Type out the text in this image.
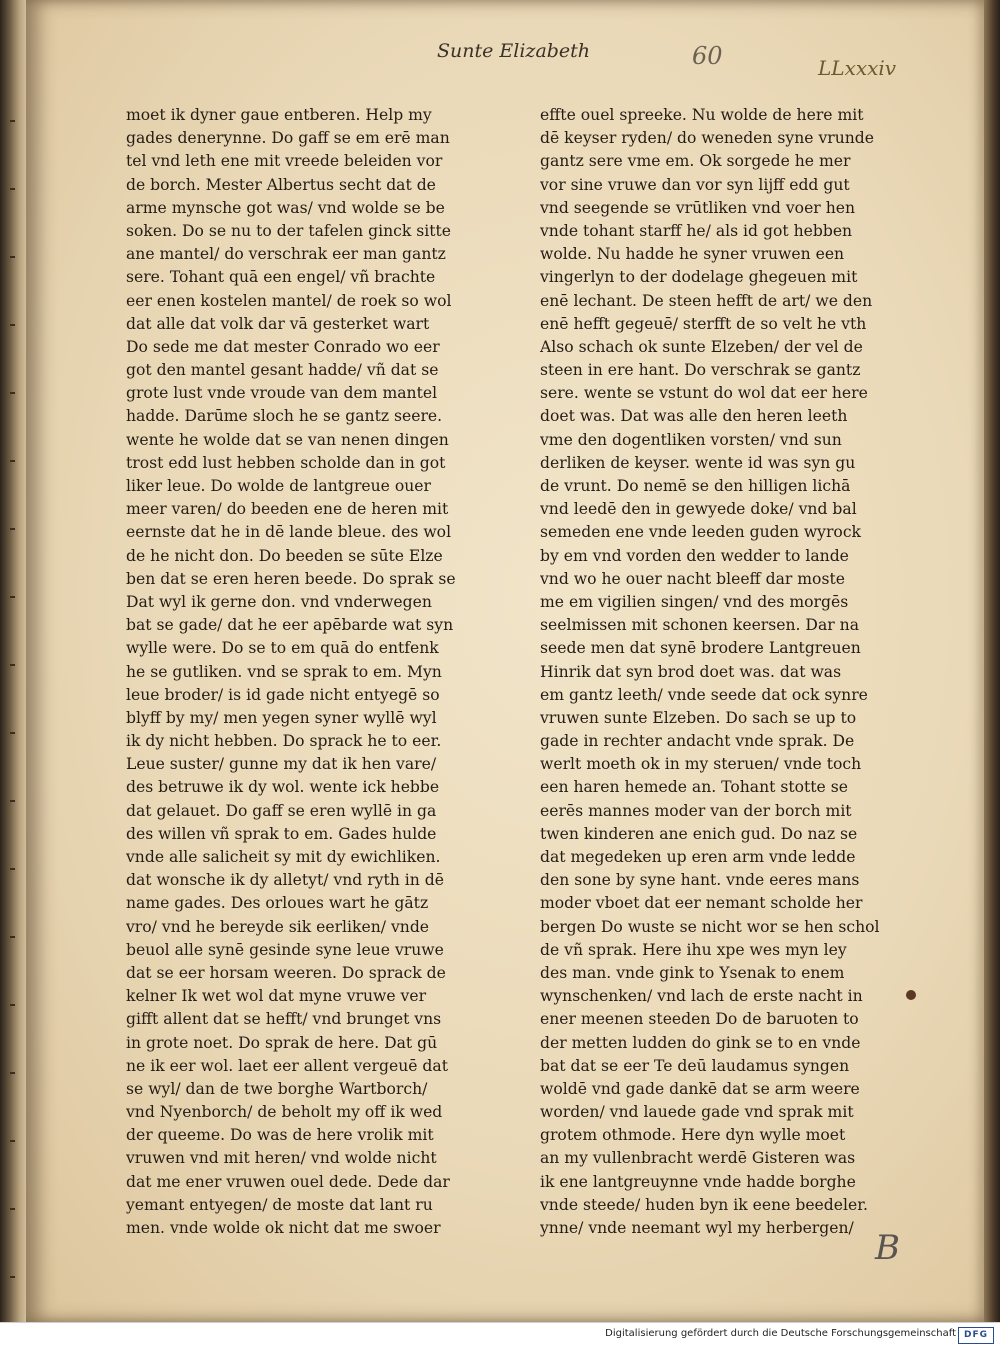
Sunte Elizabeth	60	LLxxxiv
B
moet ik dyner gaue entberen. Help my
gades denerynne. Do gaff se em erē man
tel vnd leth ene mit vreede beleiden vor
de borch. Mester Albertus secht dat de
arme mynsche got was/ vnd wolde se be
soken. Do se nu to der tafelen ginck sitte
ane mantel/ do verschrak eer man gantz
sere. Tohant quā een engel/ vñ brachte
eer enen kostelen mantel/ de roek so wol
dat alle dat volk dar vā gesterket wart
Do sede me dat mester Conrado wo eer
got den mantel gesant hadde/ vñ dat se
grote lust vnde vroude van dem mantel
hadde. Darūme sloch he se gantz seere.
wente he wolde dat se van nenen dingen
trost edd lust hebben scholde dan in got
liker leue. Do wolde de lantgreue ouer
meer varen/ do beeden ene de heren mit
eernste dat he in dē lande bleue. des wol
de he nicht don. Do beeden se sūte Elze
ben dat se eren heren beede. Do sprak se
Dat wyl ik gerne don. vnd vnderwegen
bat se gade/ dat he eer apēbarde wat syn
wylle were. Do se to em quā do entfenk
he se gutliken. vnd se sprak to em. Myn
leue broder/ is id gade nicht entyegē so
blyff by my/ men yegen syner wyllē wyl
ik dy nicht hebben. Do sprack he to eer.
Leue suster/ gunne my dat ik hen vare/
des betruwe ik dy wol. wente ick hebbe
dat gelauet. Do gaff se eren wyllē in ga
des willen vñ sprak to em. Gades hulde
vnde alle salicheit sy mit dy ewichliken.
dat wonsche ik dy alletyt/ vnd ryth in dē
name gades. Des orloues wart he gātz
vro/ vnd he bereyde sik eerliken/ vnde
beuol alle synē gesinde syne leue vruwe
dat se eer horsam weeren. Do sprack de
kelner Ik wet wol dat myne vruwe ver
gifft allent dat se hefft/ vnd brunget vns
in grote noet. Do sprak de here. Dat gū
ne ik eer wol. laet eer allent vergeuē dat
se wyl/ dan de twe borghe Wartborch/
vnd Nyenborch/ de beholt my off ik wed
der queeme. Do was de here vrolik mit
vruwen vnd mit heren/ vnd wolde nicht
dat me ener vruwen ouel dede. Dede dar
yemant entyegen/ de moste dat lant ru
men. vnde wolde ok nicht dat me swoer
effte ouel spreeke. Nu wolde de here mit
dē keyser ryden/ do weneden syne vrunde
gantz sere vme em. Ok sorgede he mer
vor sine vruwe dan vor syn lijff edd gut
vnd seegende se vrūtliken vnd voer hen
vnde tohant starff he/ als id got hebben
wolde. Nu hadde he syner vruwen een
vingerlyn to der dodelage ghegeuen mit
enē lechant. De steen hefft de art/ we den
enē hefft gegeuē/ sterfft de so velt he vth
Also schach ok sunte Elzeben/ der vel de
steen in ere hant. Do verschrak se gantz
sere. wente se vstunt do wol dat eer here
doet was. Dat was alle den heren leeth
vme den dogentliken vorsten/ vnd sun
derliken de keyser. wente id was syn gu
de vrunt. Do nemē se den hilligen lichā
vnd leedē den in gewyede doke/ vnd bal
semeden ene vnde leeden guden wyrock
by em vnd vorden den wedder to lande
vnd wo he ouer nacht bleeff dar moste
me em vigilien singen/ vnd des morgēs
seelmissen mit schonen keersen. Dar na
seede men dat synē brodere Lantgreuen
Hinrik dat syn brod doet was. dat was
em gantz leeth/ vnde seede dat ock synre
vruwen sunte Elzeben. Do sach se up to
gade in rechter andacht vnde sprak. De
werlt moeth ok in my steruen/ vnde toch
een haren hemede an. Tohant stotte se
eerēs mannes moder van der borch mit
twen kinderen ane enich gud. Do naz se
dat megedeken up eren arm vnde ledde
den sone by syne hant. vnde eeres mans
moder vboet dat eer nemant scholde her
bergen Do wuste se nicht wor se hen schol
de vñ sprak. Here ihu xpe wes myn ley
des man. vnde gink to Ysenak to enem
wynschenken/ vnd lach de erste nacht in
ener meenen steeden Do de baruoten to
der metten ludden do gink se to en vnde
bat dat se eer Te deū laudamus syngen
woldē vnd gade dankē dat se arm weere
worden/ vnd lauede gade vnd sprak mit
grotem othmode. Here dyn wylle moet
an my vullenbracht werdē Gisteren was
ik ene lantgreuynne vnde hadde borghe
vnde steede/ huden byn ik eene beedeler.
ynne/ vnde neemant wyl my herbergen/
Digitalisierung gefördert durch die Deutsche Forschungsgemeinschaft DFG
